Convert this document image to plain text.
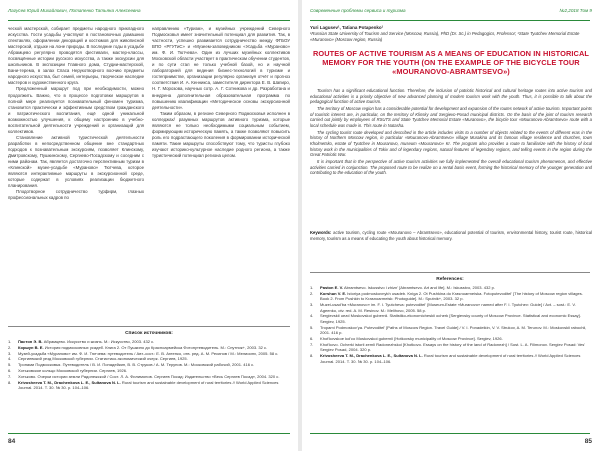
Лагусев Юрий Михайлович, Потапенко Татьяна Алексеевна

ческой мастерской, собирает предметы народного прикладного искусства. Гости усадьбы участвуют в постановочных домашних спектаклях, оформлении декораций и костюмов для живописной мастерской, отдыхе на лоне природы. В последние годы в усадьбе Абрамцево регулярно проводятся фестивали, мастер-классы, посвящённые истории русского искусства, а также экскурсии для школьников. В экспозиции Главного дома, Студии-мастерской, Бани-терема, в залах Спаса Нерукотворного воочию предметы народного искусства, быт семей, интерьеры, творческое наследие мастеров и художественного круга.

Предложенный маршрут под при необходимости, можно продолжить. Важно, что в процессе подготовки маршрутов в полной мере реализуется познавательный феномен туризма, становится практически и эффективным средством гражданского и патриотического воспитания, ещё одной уникальной возможностью улучшения, к общему настроению в учебно-воспитательной деятельности учреждений и организаций для коллективов.

Становление активной туристической деятельности разработки в непосредственном общение вне стандартных подходов к познавательным экскурсиям, позволяет Клинскому, Дмитровскому, Пушкинскому, Сергиево-Посадскому и соседним с ними районам. Так, является достаточно перспективным туризм в «Клинской» музее-усадьбе «Мураново» Тютчева, которое являются интерактивные маршруты в экскурсионной среде, которые содержат в условиях реализации бюджетного планирования.

Плодотворное сотрудничество турфирм, глазных профессиональных кадров по

направлению «Туризм», и музейных учреждений Северного Подмосковья имеет значительный потенциал для развития. Так, в частности, успешно развивается сотрудничество между ФГБОУ ВПО «РГУТиС» и «Музеем-заповедником «Усадьба «Мураново» им. Ф. И. Тютчева». Один из лучших музейных коллективов Московской области участвует в практическом обучении студентов, и по сути стал не только учебной базой, но и научной лабораторией для ведения бизнес-технологий в туризме и гостеприимстве, организации регулярно организуя отчёт и прогноз соответствия И. А. Кенникса, заместителя директора Е. В. Шапиро, Н. Г. Морозова, научных сотр. А. Г. Сотникова и др. Разработана и внедрена дополнительная образовательная программа по повышению квалификации «Методическое основы экскурсионной деятельности».

Таким образом, в регионе Северного Подмосковья исполнен в колледжах/ разумных маршрутов активного туризма, которые являются не только необходимыми социальным событием, формирующим историческую память, а также позволяют повысить роль его подрастающего поколения в формировании исторической памяти. Такие маршруты способствуют тому, что туристы глубоко изучают историко-культурное наследие родного региона, а также туристический потенциал региона целом.

Список источников:
1. Пастон Э. В. Абрамцево. Искусство и жизнь. М.: Искусство, 2003. 432 с.
2. Коршун В. Е. История подмосковных усадеб. Книга 2. От Пушкино до Красноармейска Фотопутеводитель. М.: Спутник+, 2003. 32 с.
3. Музей-усадьба «Мураново» им. Ф. И. Тютчева: путеводитель / Авт.-сост.: Е. В. Агеенко, отв. ред. А. М. Ресинов / М.: Мелиоинх, 2005. 58 с.
4. Сергиевский уезд Московской губернии. Статистико-экономический очерк. Сергиев, 1925.
5. Тропами Подмосковья. Путеводитель / В. И. Понадейкин, В. В. Струков / А. М. Терунов. М.: Московский рабочий, 2001. 416 с.
6. Хотьковское кольцо Московской губернии. Сергиев, 1926.
7. Хотьково. Очерки истории земли Радонежской / Сост. Л. А. Филимонов. Сергиев Посад: Издательство «Весь Сергиев Посад», 2004. 320 с.
8. Krivosheeva T. M., Drachenkova L. E., Sultanova N. L. Rural tourism and sustainable development of rural territories // World Applied Sciences Journal. 2014. T. 30. № 30. p. 104–106.
84
Современные проблемы сервиса и туризма	№2,2018 Том 9
Yuri Lagusev¹, Tatiana Potapenko¹
¹Russian State University of Tourism and Service (Moscow, Russia), PhD (Dr. Sc.) in Pedagogics, Professor; ¹State Tyutchev Memorial Estate «Muranovo» (Moscow region, Russia)
ROUTES OF ACTIVE TOURISM AS A MEANS OF EDUCATION IN HISTORICAL MEMORY FOR THE YOUTH (ON THE EXAMPLE OF THE BICYCLE TOUR «MOURANOVO-ABRAMTSEVO»)

Tourism has a significant educational function. Therefore, the inclusion of patriotic historical and cultural heritage routes into active tourism and educational activities is a priority objective of new advanced planning of modern tourism work with the youth. Thus, it is possible to talk about the pedagogical function of active tourism.

The territory of Moscow region has a considerable potential for development and expansion of the routes network of active tourism. Important points of touristic interest are, in particular, on the territory of Klinsky and Sergievo-Posad municipal districts. On the basis of the joint of tourism research carried out jointly by employees of RSUTS and State Tyutchev Memorial Estate «Muranovo», the bicycle tour «Mouranovo-Abramtsevo» route with a local schedule was made in. This route in Natasha.

The cycling tourist route developed and described in the article includes visits to a number of objects related to the events of different eras in the history of Northern Moscow region, in particular «Mouranovo-Abramtsevo» village Murakina and its famous village residence and churches, town Kholmetsko, estate of Tyutchev in Mouranovo, museum «Mouranovo» Kr. The program also provides a route to familiarize with the history of local history work in the municipalities of Tokiv and of legendary regions, natural features of legendary regions, and telling events in the region during the Great Patriotic War.

It is important that in the perspective of active tourism activities we fully implemented the overall educational tourism phenomenon, and effective activities carried in conjunction. The proposed route to be realize on a rental basis event, forming the historical memory of the younger generation and contributing to the education of the youth.

Keywords: active tourism, cycling route «Mouranovo – Abramtsevo», educational potential of tourism, environmental history, tourist route, historical memory, tourism as a means of educating the youth about historical memory.
References:
1. Paston E. V. Abramtsevo. Iskusstvo i zhizn' [Abramtsevo. Art and life]. M.: Iskusstvo, 2003. 432 p.
2. Korshun V. E. Istoriya podmoskovnykh usadeb. Kniga 2. Ot Pushkina do Krasnoarmeiska. Fotoputevoditel' [The history of Moscow region villages. Book 2. From Pushkin to Krasnoarmeisk: Photoguide]. M.: Sputnik+, 2003. 32 p.
3. Muzei-usad'ba «Muranovo» im. F. I. Tyutcheva: putevoditel' [Museum-Estate «Muranovo» named after F. I. Tyutchev: Guide] / Avt. – sost.: E. V. Ageenko, otv. red. A. M. Resinov. M.: Melihovo, 2005. 58 p.
4. Sergievskii uezd Moskovskoi gubernii. Statistiko-ekonomicheskii ocherk [Sergievsky county of Moscow Province. Statistical and economic Essay]. Sergiev, 1925.
5. Tropami Podmoskov'ya. Putevoditel' [Paths of Moscow Region. Travel Guide] / V. I. Ponadeikin, V. V. Strukov, A. M. Terunov. M.: Moskovskii rabochii, 2001. 416 p.
6. Khot'kovskoe kol'co Moskovskoi gubernii [Hotkovsky municipality of Moscow Province]. Sergiev, 1926.
7. Khot'kovo. Ocherki istorii zemli Radonezhskoi [Khotkovo. Essays on the history of the land of Radonezh] / Sost. L. A. Filimonov. Sergiev Posad: Ves' Sergiev Posad, 2004. 320 p.
8. Krivosheeva T. M., Drachenkova L. E., Sultanova N. L. Rural tourism and sustainable development of rural territories // World Applied Sciences Journal. 2014. T. 30. № 30. p. 104–106.
85
